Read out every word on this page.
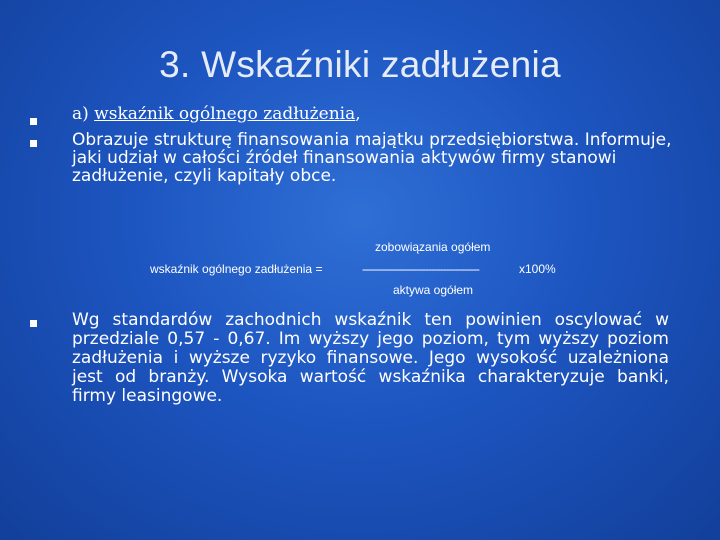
3. Wskaźniki zadłużenia
a) wskaźnik ogólnego zadłużenia,
Obrazuje strukturę finansowania majątku przedsiębiorstwa. Informuje, jaki udział w całości źródeł finansowania aktywów firmy stanowi zadłużenie, czyli kapitały obce.
zobowiązania ogółem
wskaźnik ogólnego zadłużenia =	---------------------------------------	x100%
aktywa ogółem
Wg standardów zachodnich wskaźnik ten powinien oscylować w przedziale 0,57 - 0,67. Im wyższy jego poziom, tym wyższy poziom zadłużenia i wyższe ryzyko finansowe. Jego wysokość uzależniona jest od branży. Wysoka wartość wskaźnika charakteryzuje banki, firmy leasingowe.
